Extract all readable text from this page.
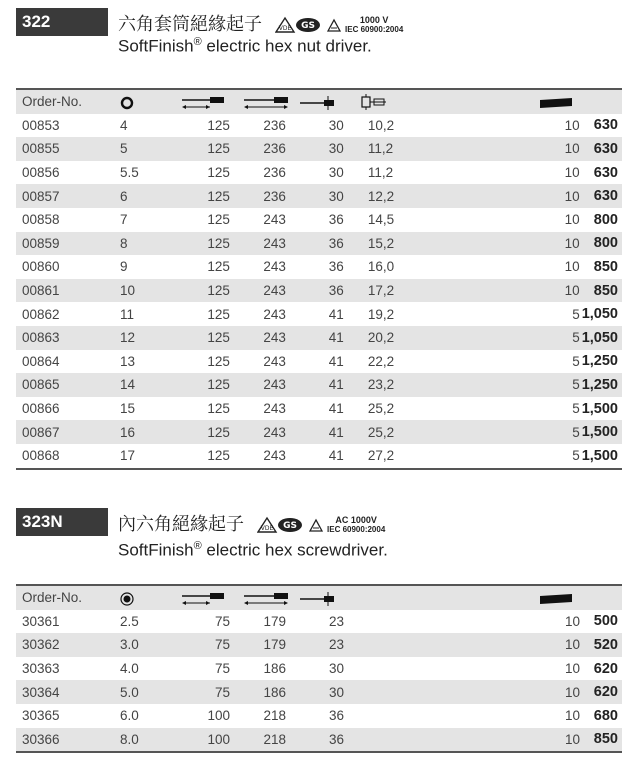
322	六角套筒絕緣起子	VDE GS
1000 V
IEC 60900:2004
SoftFinish® electric hex nut driver.
Order-No.							
00853	4	125	236	30	10,2	10	630
00855	5	125	236	30	11,2	10	630
00856	5.5	125	236	30	11,2	10	630
00857	6	125	236	30	12,2	10	630
00858	7	125	243	36	14,5	10	800
00859	8	125	243	36	15,2	10	800
00860	9	125	243	36	16,0	10	850
00861	10	125	243	36	17,2	10	850
00862	11	125	243	41	19,2	5	1,050
00863	12	125	243	41	20,2	5	1,050
00864	13	125	243	41	22,2	5	1,250
00865	14	125	243	41	23,2	5	1,250
00866	15	125	243	41	25,2	5	1,500
00867	16	125	243	41	25,2	5	1,500
00868	17	125	243	41	27,2	5	1,500
323N	內六角絕緣起子	VDE GS
AC 1000V
IEC 60900:2004
SoftFinish® electric hex screwdriver.
Order-No.							
30361	2.5	75	179	23		10	500
30362	3.0	75	179	23		10	520
30363	4.0	75	186	30		10	620
30364	5.0	75	186	30		10	620
30365	6.0	100	218	36		10	680
30366	8.0	100	218	36		10	850
